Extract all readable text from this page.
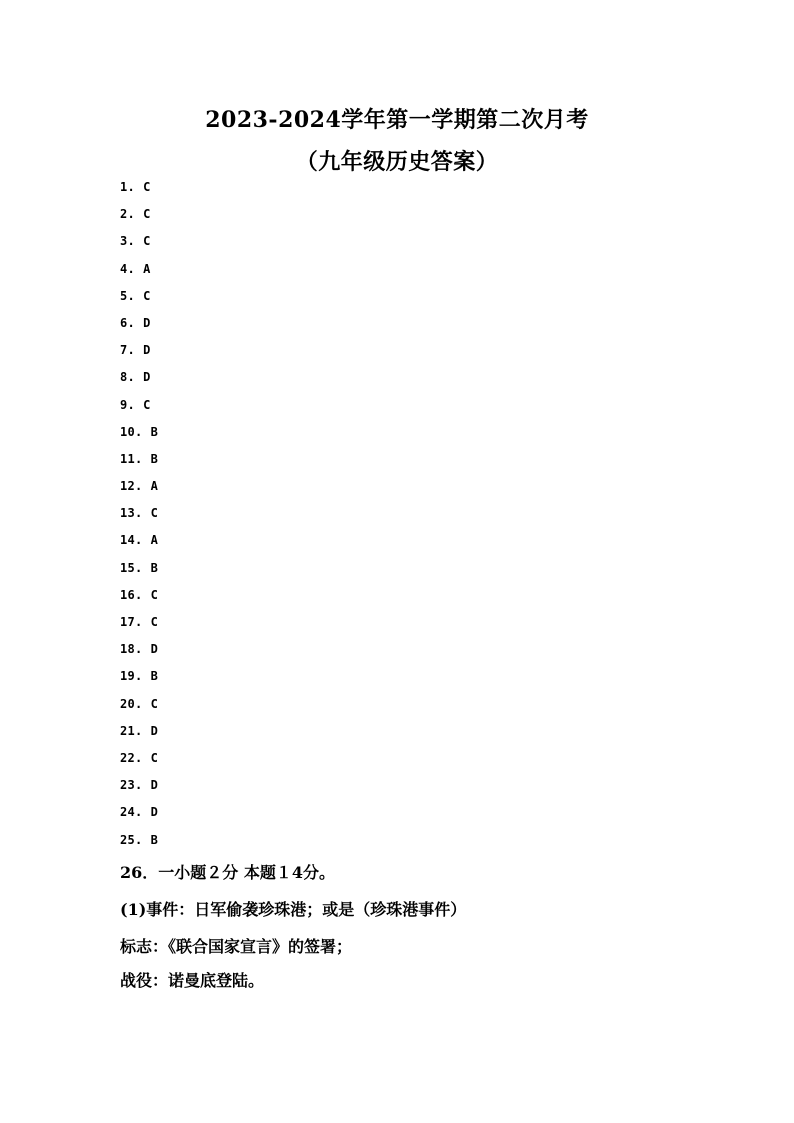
2023-2024学年第一学期第二次月考
（九年级历史答案）
1. C
2. C
3. C
4. A
5. C
6. D
7. D
8. D
9. C
10. B
11. B
12. A
13. C
14. A
15. B
16. C
17. C
18. D
19. B
20. C
21. D
22. C
23. D
24. D
25. B
26．一小题２分 本题１4分。
(1)事件：日军偷袭珍珠港；或是（珍珠港事件）
标志：《联合国家宣言》的签署；
战役：诺曼底登陆。
